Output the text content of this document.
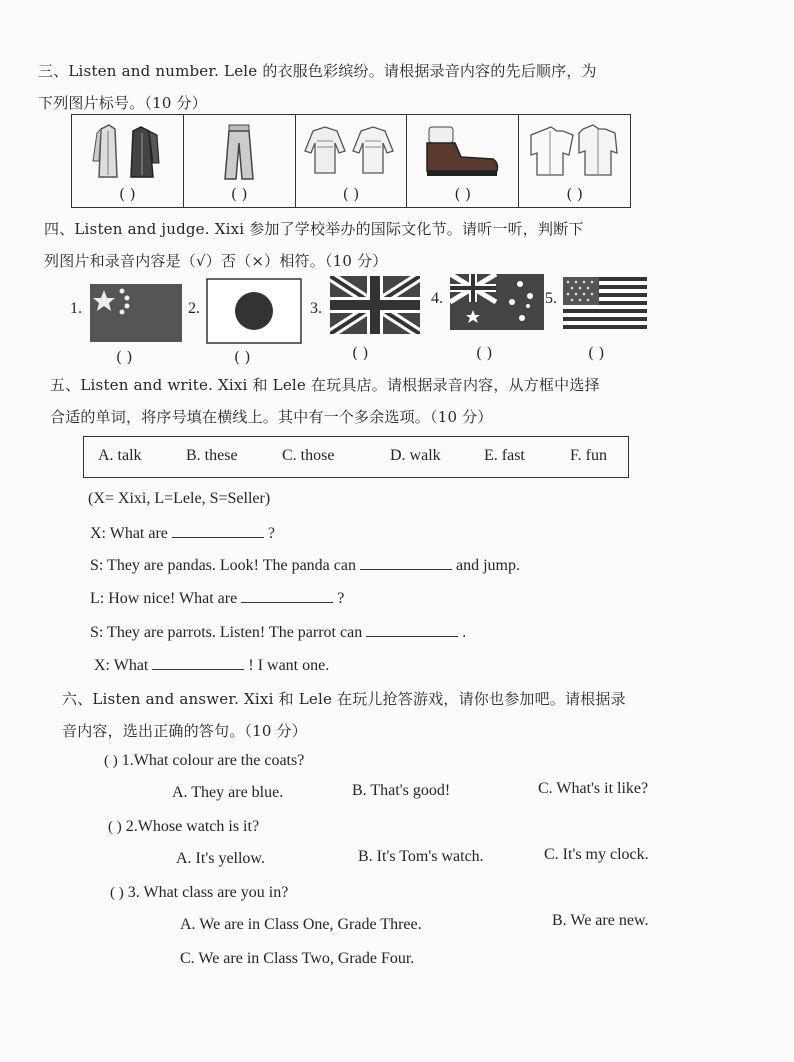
三、Listen and number. Lele 的衣服色彩缤纷。请根据录音内容的先后顺序，为
下列图片标号。（10 分）
( )	( )	( )	( )	( )
四、Listen and judge. Xixi 参加了学校举办的国际文化节。请听一听，判断下
列图片和录音内容是（√）否（×）相符。（10 分）
1.	2.	3.
4.	5.
( )	( )	( )	( )	( )
五、Listen and write. Xixi 和 Lele 在玩具店。请根据录音内容，从方框中选择
合适的单词，将序号填在横线上。其中有一个多余选项。（10 分）
A. talk	B. these	C. those	D. walk	E. fast	F. fun
(X= Xixi, L=Lele, S=Seller)
X: What are	?
S: They are pandas. Look! The panda can	and jump.
L: How nice! What are	?
S: They are parrots. Listen! The parrot can	.
X: What	! I want one.
六、Listen and answer. Xixi 和 Lele 在玩儿抢答游戏，请你也参加吧。请根据录
音内容，选出正确的答句。（10 分）
( ) 1.What colour are the coats?
A. They are blue.	B. That's good!	C. What's it like?
( ) 2.Whose watch is it?
A. It's yellow.	B. It's Tom's watch.	C. It's my clock.
( ) 3. What class are you in?
A. We are in Class One, Grade Three.	B. We are new.
C. We are in Class Two, Grade Four.
